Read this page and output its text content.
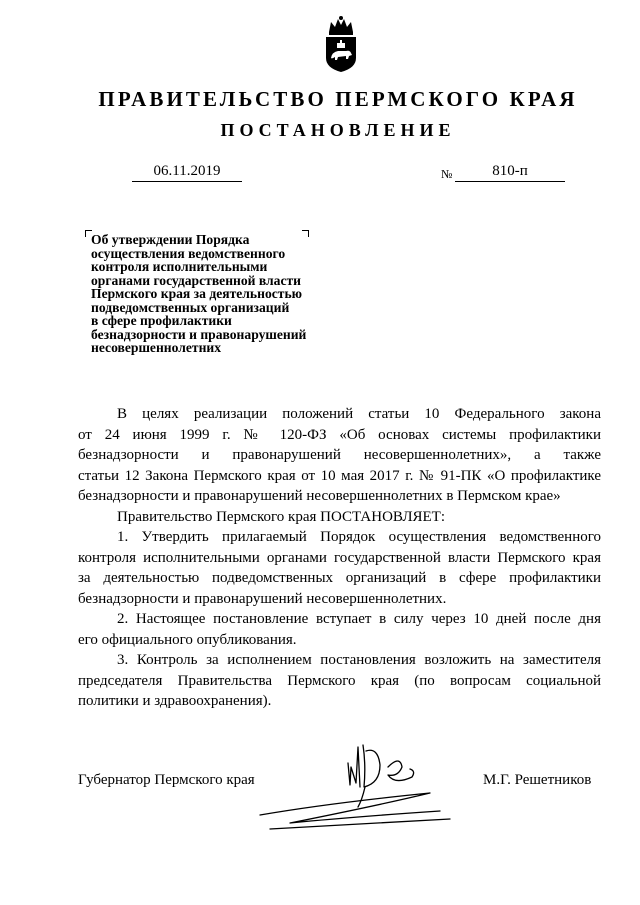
ПРАВИТЕЛЬСТВО ПЕРМСКОГО КРАЯ
ПОСТАНОВЛЕНИЕ
06.11.2019	№	810-п
Об утверждении Порядка
осуществления ведомственного
контроля исполнительными
органами государственной власти
Пермского края за деятельностью
подведомственных организаций
в сфере профилактики
безнадзорности и правонарушений
несовершеннолетних

В целях реализации положений статьи 10 Федерального закона
от 24 июня 1999 г. № 120-ФЗ «Об основах системы профилактики
безнадзорности и правонарушений несовершеннолетних», а также
статьи 12 Закона Пермского края от 10 мая 2017 г. № 91-ПК «О профилактике
безнадзорности и правонарушений несовершеннолетних в Пермском крае»

Правительство Пермского края ПОСТАНОВЛЯЕТ:

1. Утвердить прилагаемый Порядок осуществления ведомственного
контроля исполнительными органами государственной власти Пермского края
за деятельностью подведомственных организаций в сфере профилактики
безнадзорности и правонарушений несовершеннолетних.

2. Настоящее постановление вступает в силу через 10 дней после дня
его официального опубликования.

3. Контроль за исполнением постановления возложить на заместителя
председателя Правительства Пермского края (по вопросам социальной
политики и здравоохранения).

Губернатор Пермского края	М.Г. Решетников
